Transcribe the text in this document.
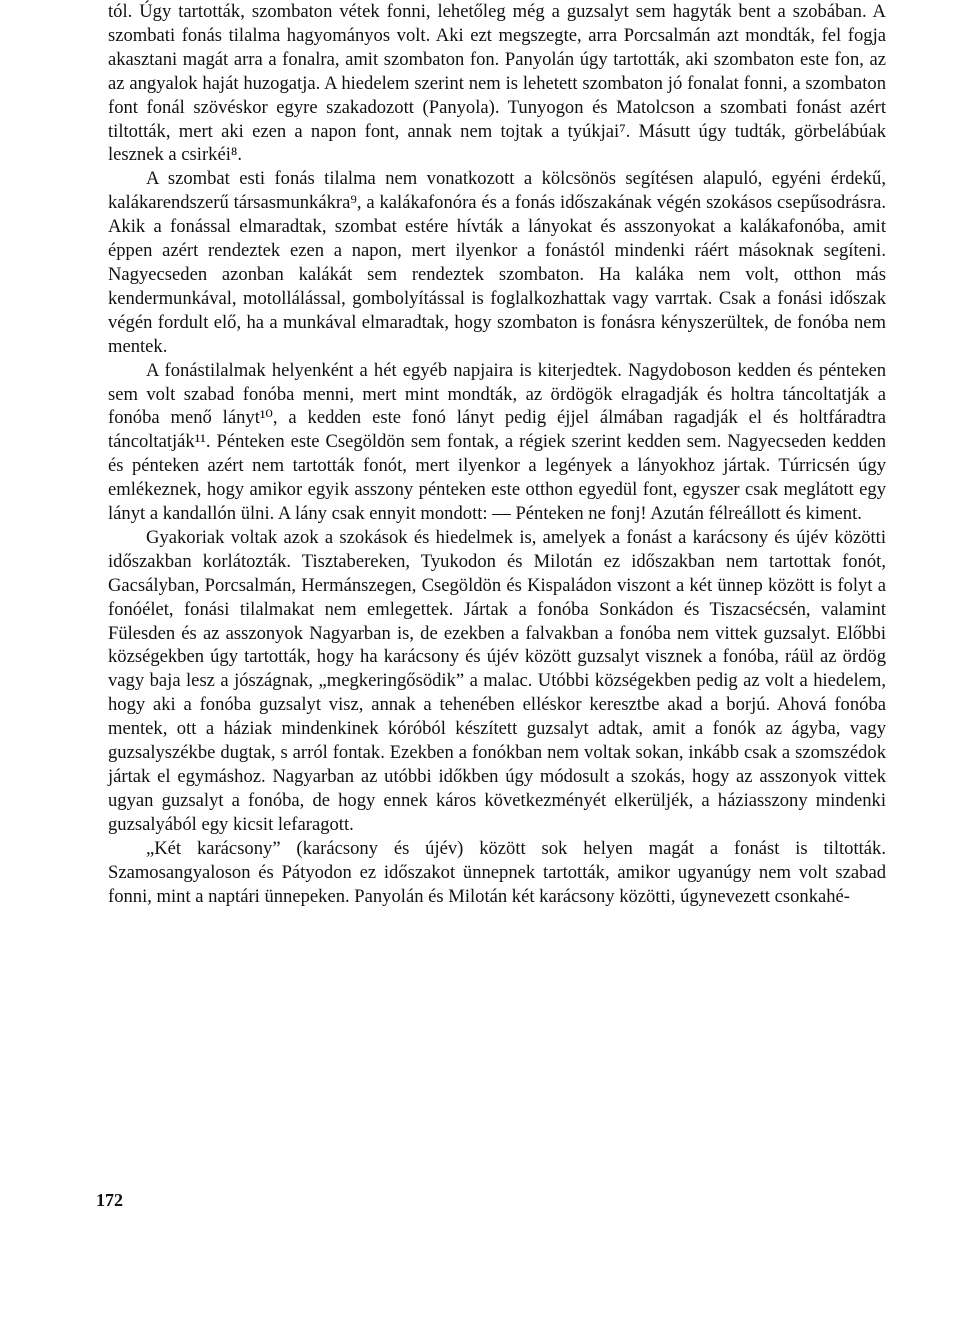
tól. Úgy tartották, szombaton vétek fonni, lehetőleg még a guzsalyt sem hagyták bent a szobában. A szombati fonás tilalma hagyományos volt. Aki ezt megszegte, arra Porcsalmán azt mondták, fel fogja akasztani magát arra a fonalra, amit szombaton fon. Panyolán úgy tartották, aki szombaton este fon, az az angyalok haját huzogatja. A hiedelem szerint nem is lehetett szombaton jó fonalat fonni, a szombaton font fonál szövéskor egyre szakadozott (Panyola). Tunyogon és Matolcson a szombati fonást azért tiltották, mert aki ezen a napon font, annak nem tojtak a tyúkjai⁷. Másutt úgy tudták, görbelábúak lesznek a csirkéi⁸.

A szombat esti fonás tilalma nem vonatkozott a kölcsönös segítésen alapuló, egyéni érdekű, kalákarendszerű társasmunkákra⁹, a kalákafonóra és a fonás időszakának végén szokásos csepűsodrásra. Akik a fonással elmaradtak, szombat estére hívták a lányokat és asszonyokat a kalákafonóba, amit éppen azért rendeztek ezen a napon, mert ilyenkor a fonástól mindenki ráért másoknak segíteni. Nagyecseden azonban kalákát sem rendeztek szombaton. Ha kaláka nem volt, otthon más kendermunkával, motollálással, gombolyítással is foglalkozhattak vagy varrtak. Csak a fonási időszak végén fordult elő, ha a munkával elmaradtak, hogy szombaton is fonásra kényszerültek, de fonóba nem mentek.

A fonástilalmak helyenként a hét egyéb napjaira is kiterjedtek. Nagydoboson kedden és pénteken sem volt szabad fonóba menni, mert mint mondták, az ördögök elragadják és holtra táncoltatják a fonóba menő lányt¹⁰, a kedden este fonó lányt pedig éjjel álmában ragadják el és holtfáradtra táncoltatják¹¹. Pénteken este Csegöldön sem fontak, a régiek szerint kedden sem. Nagyecseden kedden és pénteken azért nem tartották fonót, mert ilyenkor a legények a lányokhoz jártak. Túrricsén úgy emlékeznek, hogy amikor egyik asszony pénteken este otthon egyedül font, egyszer csak meglátott egy lányt a kandallón ülni. A lány csak ennyit mondott: — Pénteken ne fonj! Azután félreállott és kiment.

Gyakoriak voltak azok a szokások és hiedelmek is, amelyek a fonást a karácsony és újév közötti időszakban korlátozták. Tisztabereken, Tyukodon és Milotán ez időszakban nem tartottak fonót, Gacsályban, Porcsalmán, Hermánszegen, Csegöldön és Kispaládon viszont a két ünnep között is folyt a fonóélet, fonási tilalmakat nem emlegettek. Jártak a fonóba Sonkádon és Tiszacsécsén, valamint Fülesden és az asszonyok Nagyarban is, de ezekben a falvakban a fonóba nem vittek guzsalyt. Előbbi községekben úgy tartották, hogy ha karácsony és újév között guzsalyt visznek a fonóba, ráül az ördög vagy baja lesz a jószágnak, „megkeringősödik” a malac. Utóbbi községekben pedig az volt a hiedelem, hogy aki a fonóba guzsalyt visz, annak a tehenében elléskor keresztbe akad a borjú. Ahová fonóba mentek, ott a háziak mindenkinek kóróból készített guzsalyt adtak, amit a fonók az ágyba, vagy guzsalyszékbe dugtak, s arról fontak. Ezekben a fonókban nem voltak sokan, inkább csak a szomszédok jártak el egymáshoz. Nagyarban az utóbbi időkben úgy módosult a szokás, hogy az asszonyok vittek ugyan guzsalyt a fonóba, de hogy ennek káros következményét elkerüljék, a háziasszony mindenki guzsalyából egy kicsit lefaragott.

„Két karácsony” (karácsony és újév) között sok helyen magát a fonást is tiltották. Szamosangyaloson és Pátyodon ez időszakot ünnepnek tartották, amikor ugyanúgy nem volt szabad fonni, mint a naptári ünnepeken. Panyolán és Milotán két karácsony közötti, úgynevezett csonkahé-

172
